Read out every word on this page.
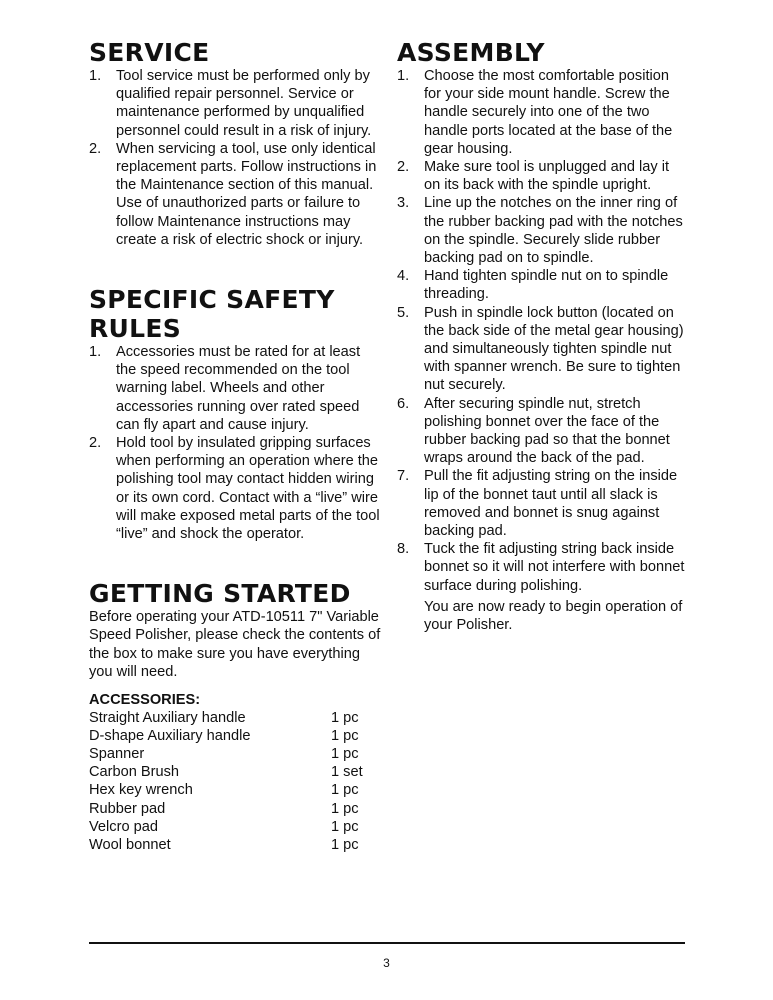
SERVICE
1. Tool service must be performed only by qualified repair personnel. Service or maintenance performed by unqualified personnel could result in a risk of injury.
2. When servicing a tool, use only identical replacement parts. Follow instructions in the Maintenance section of this manual. Use of unauthorized parts or failure to follow Maintenance instructions may create a risk of electric shock or injury.
SPECIFIC SAFETY
RULES
1. Accessories must be rated for at least the speed recommended on the tool warning label. Wheels and other accessories running over rated speed can fly apart and cause injury.
2. Hold tool by insulated gripping surfaces when performing an operation where the polishing tool may contact hidden wiring or its own cord. Contact with a “live” wire will make exposed metal parts of the tool “live” and shock the operator.
GETTING STARTED

Before operating your ATD-10511 7" Variable Speed Polisher, please check the contents of the box to make sure you have everything you will need.

ACCESSORIES:
Straight Auxiliary handle	1 pc
D-shape Auxiliary handle	1 pc
Spanner	1 pc
Carbon Brush	1 set
Hex key wrench	1 pc
Rubber pad	1 pc
Velcro pad	1 pc
Wool bonnet	1 pc
ASSEMBLY
1. Choose the most comfortable position for your side mount handle. Screw the handle securely into one of the two handle ports located at the base of the gear housing.
2. Make sure tool is unplugged and lay it on its back with the spindle upright.
3. Line up the notches on the inner ring of the rubber backing pad with the notches on the spindle. Securely slide rubber backing pad on to spindle.
4. Hand tighten spindle nut on to spindle threading.
5. Push in spindle lock button (located on the back side of the metal gear housing) and simultaneously tighten spindle nut with spanner wrench. Be sure to tighten nut securely.
6. After securing spindle nut, stretch polishing bonnet over the face of the rubber backing pad so that the bonnet wraps around the back of the pad.
7. Pull the fit adjusting string on the inside lip of the bonnet taut until all slack is removed and bonnet is snug against backing pad.
8. Tuck the fit adjusting string back inside bonnet so it will not interfere with bonnet surface during polishing.
You are now ready to begin operation of your Polisher.
3
